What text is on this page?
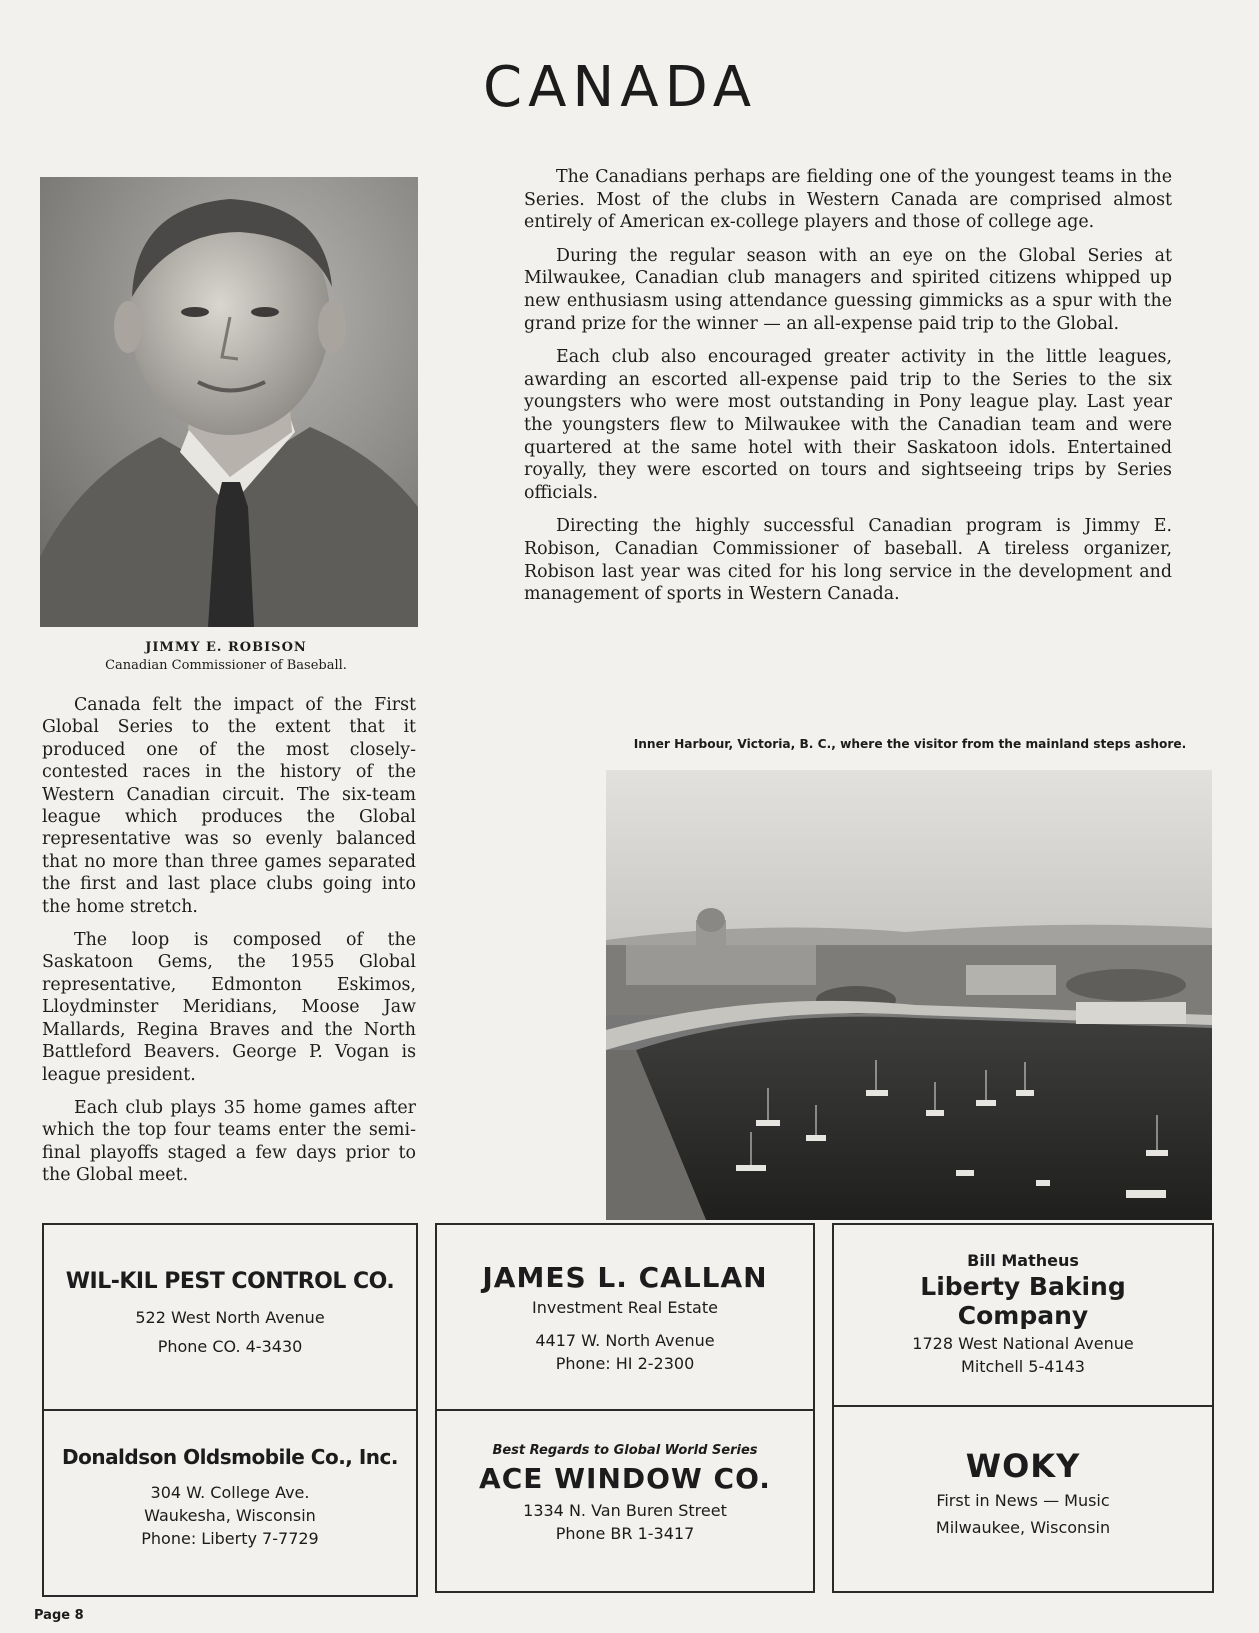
CANADA

JIMMY E. ROBISON

Canadian Commissioner of Baseball.

The Canadians perhaps are fielding one of the youngest teams in the Series. Most of the clubs in Western Canada are comprised almost entirely of American ex-college players and those of college age.

During the regular season with an eye on the Global Series at Milwaukee, Canadian club managers and spirited citizens whipped up new enthusiasm using attendance guessing gimmicks as a spur with the grand prize for the winner — an all-expense paid trip to the Global.

Each club also encouraged greater activity in the little leagues, awarding an escorted all-expense paid trip to the Series to the six youngsters who were most outstanding in Pony league play. Last year the youngsters flew to Milwaukee with the Canadian team and were quartered at the same hotel with their Saskatoon idols. Entertained royally, they were escorted on tours and sightseeing trips by Series officials.

Directing the highly successful Canadian program is Jimmy E. Robison, Canadian Commissioner of baseball. A tireless organizer, Robison last year was cited for his long service in the development and management of sports in Western Canada.

Canada felt the impact of the First Global Series to the extent that it produced one of the most closely-contested races in the history of the Western Canadian circuit. The six-team league which produces the Global representative was so evenly balanced that no more than three games separated the first and last place clubs going into the home stretch.

The loop is composed of the Saskatoon Gems, the 1955 Global representative, Edmonton Eskimos, Lloydminster Meridians, Moose Jaw Mallards, Regina Braves and the North Battleford Beavers. George P. Vogan is league president.

Each club plays 35 home games after which the top four teams enter the semi-final playoffs staged a few days prior to the Global meet.

Inner Harbour, Victoria, B. C., where the visitor from the mainland steps ashore.

WIL-KIL PEST CONTROL CO.

522 West North Avenue

Phone CO. 4-3430

JAMES L. CALLAN

Investment Real Estate

4417 W. North Avenue

Phone: HI 2-2300

Bill Matheus

Liberty Baking

Company

1728 West National Avenue

Mitchell 5-4143

Donaldson Oldsmobile Co., Inc.

304 W. College Ave.

Waukesha, Wisconsin

Phone: Liberty 7-7729

Best Regards to Global World Series

ACE WINDOW CO.

1334 N. Van Buren Street

Phone BR 1-3417

WOKY

First in News — Music

Milwaukee, Wisconsin

Page 8
